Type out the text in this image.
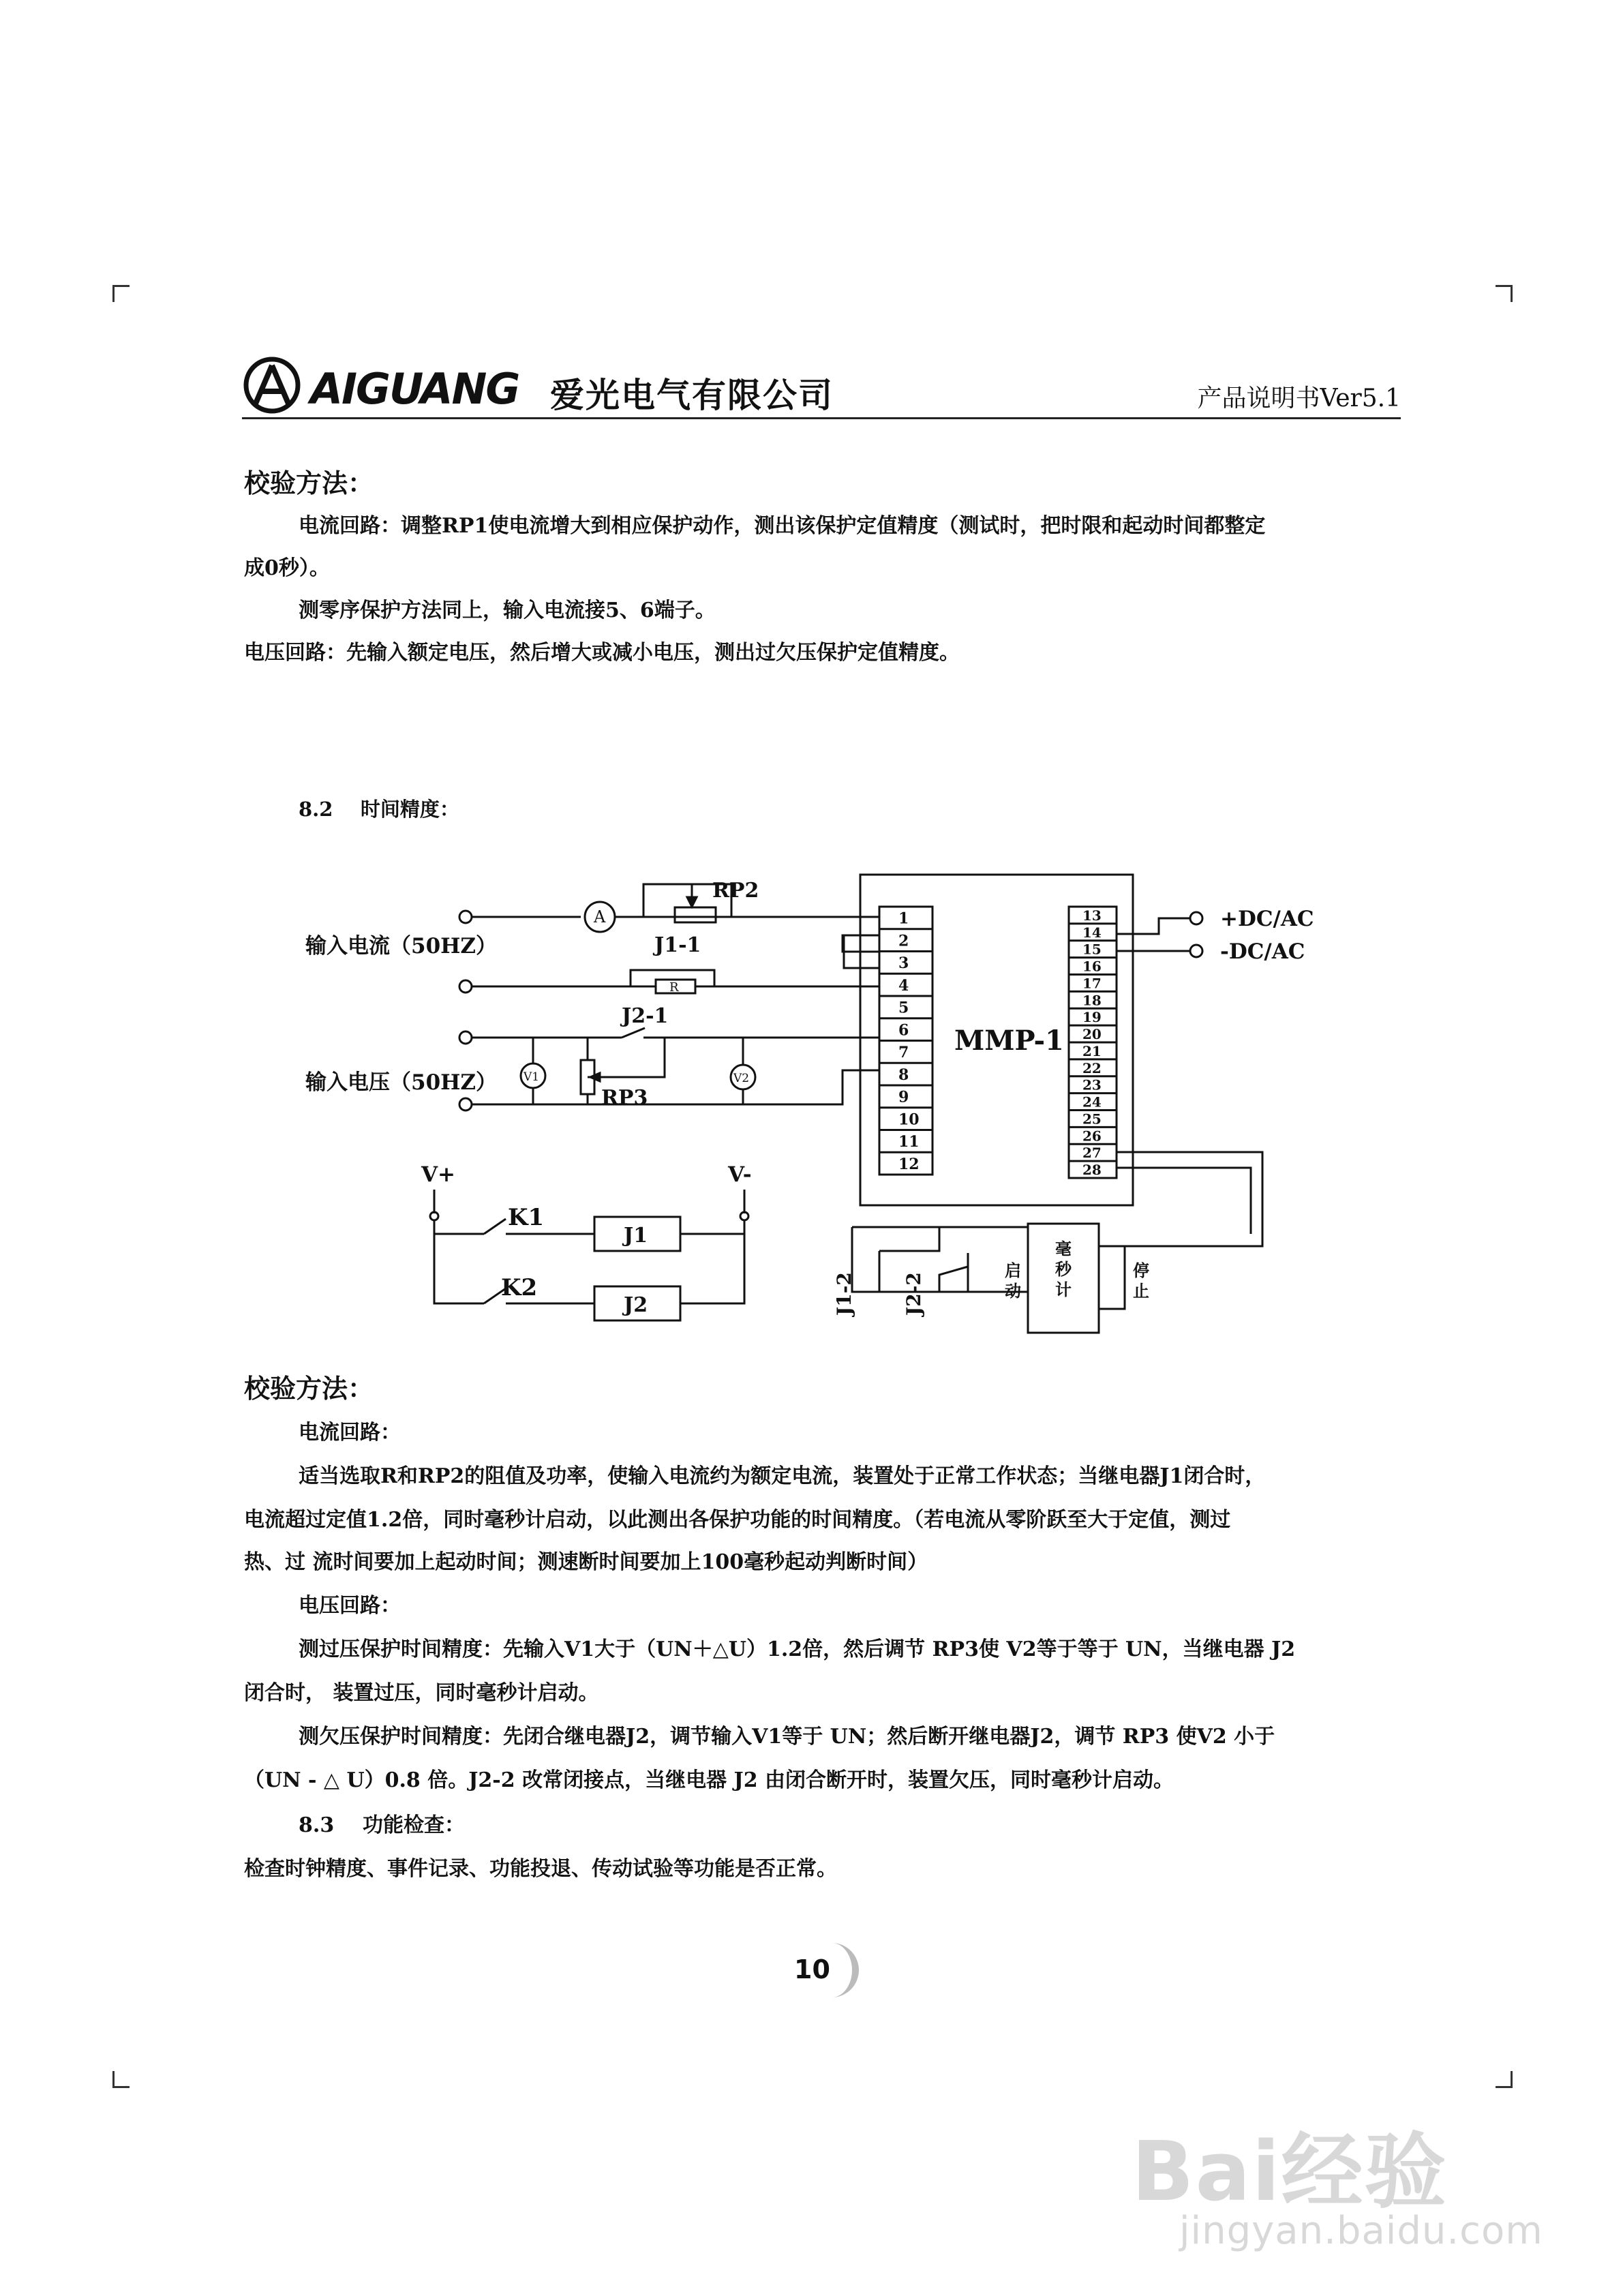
AIGUANG 爱光电气有限公司	产品说明书Ver5.1
校验方法：
电流回路：调整RP1使电流增大到相应保护动作，测出该保护定值精度（测试时，把时限和起动时间都整定
成0秒）。
测零序保护方法同上，输入电流接5、6端子。
电压回路：先输入额定电压，然后增大或减小电压，测出过欠压保护定值精度。
8.2    时间精度：
MMP-1
1
2
3
4
5
6
7
8
9
10
11
12
13
14
15
16
17
18
19
20
21
22
23
24
25
26
27
28
A
RP2
R
J1-1
输入电流（50HZ）
J2-1
V1
RP3
V2
输入电压（50HZ）
+DC/AC
-DC/AC
J1-2 J2-2
启
动
毫
秒
计
停
止
V+	V-
K1
K2
J1
J2
校验方法：
电流回路：
适当选取R和RP2的阻值及功率，使输入电流约为额定电流，装置处于正常工作状态；当继电器J1闭合时，
电流超过定值1.2倍，同时毫秒计启动，以此测出各保护功能的时间精度。（若电流从零阶跃至大于定值，测过
热、过 流时间要加上起动时间；测速断时间要加上100毫秒起动判断时间）
电压回路：
测过压保护时间精度：先输入V1大于（UN＋△U）1.2倍，然后调节 RP3使 V2等于等于 UN，当继电器 J2
闭合时， 装置过压，同时毫秒计启动。
测欠压保护时间精度：先闭合继电器J2，调节输入V1等于 UN；然后断开继电器J2，调节 RP3 使V2 小于
（UN - △ U）0.8 倍。J2-2 改常闭接点，当继电器 J2 由闭合断开时，装置欠压，同时毫秒计启动。
8.3    功能检查：
检查时钟精度、事件记录、功能投退、传动试验等功能是否正常。
10
Bai经验
jingyan.baidu.com
